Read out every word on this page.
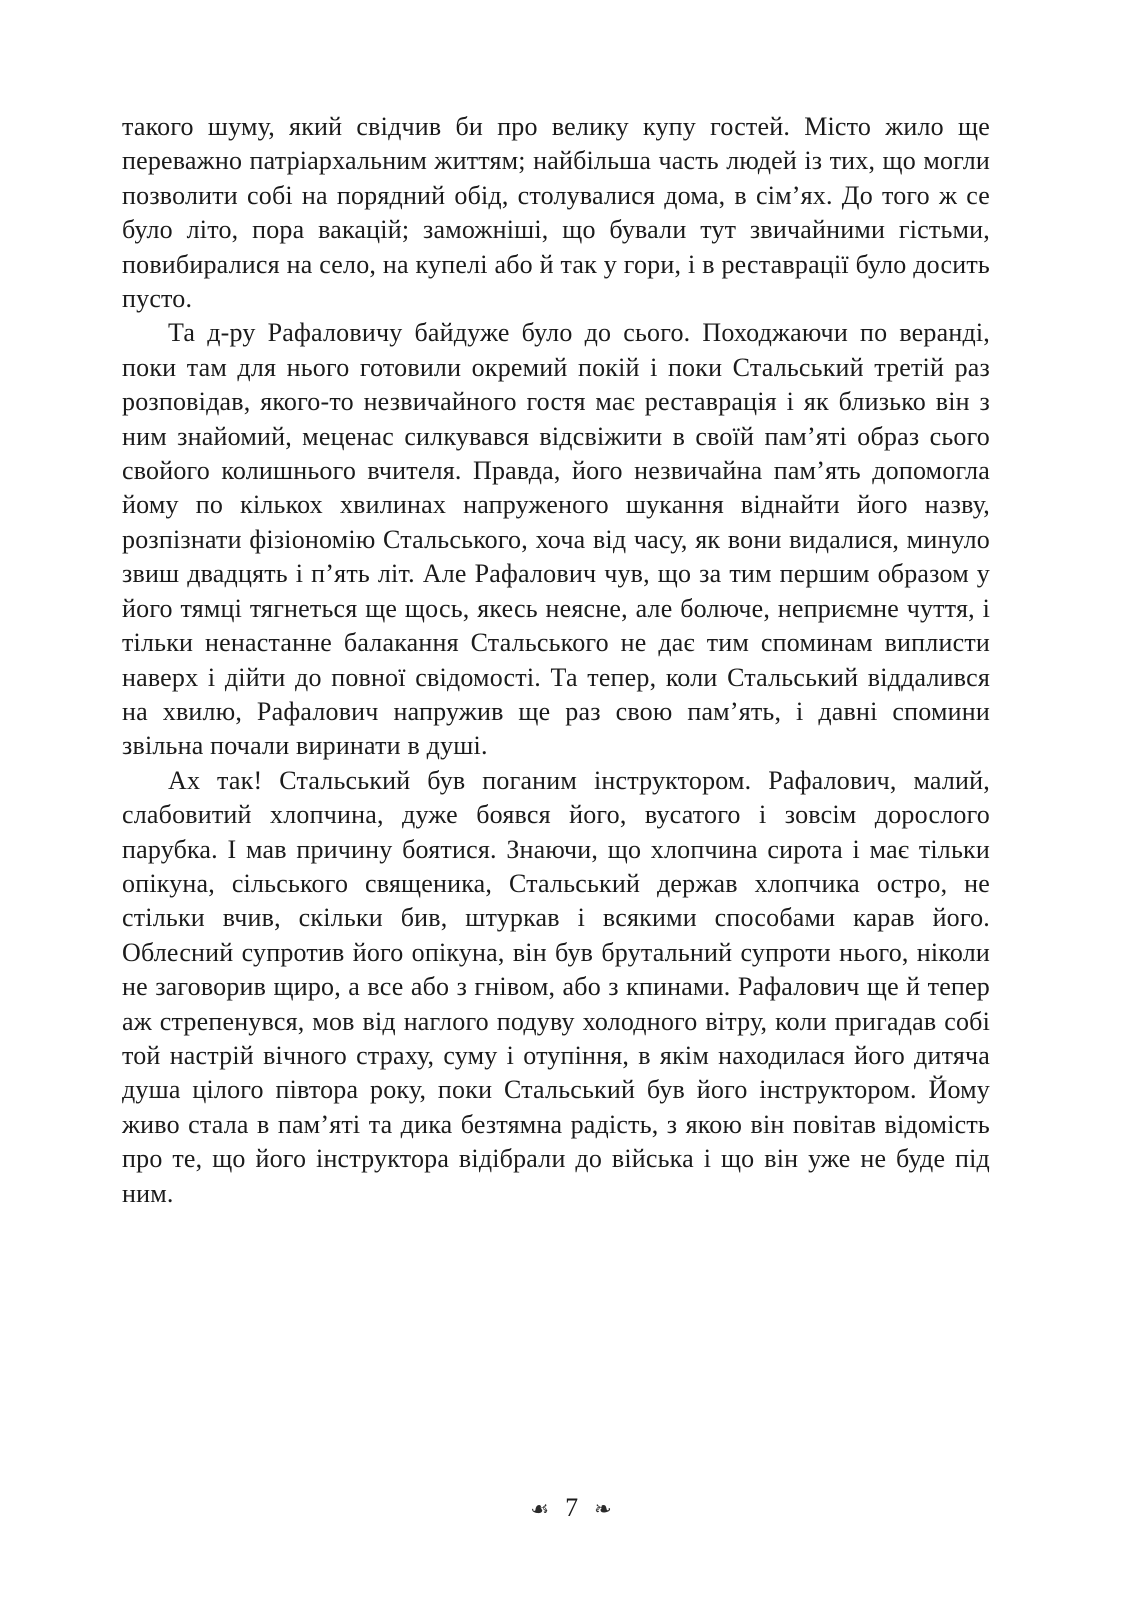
такого шуму, який свідчив би про велику купу гостей. Місто жило ще переважно патріархальним життям; найбільша часть людей із тих, що могли позволити собі на порядний обід, столувалися дома, в сім’ях. До того ж се було літо, пора вакацій; заможніші, що бували тут звичайними гістьми, повибиралися на село, на купелі або й так у гори, і в реставрації було досить пусто.

Та д-ру Рафаловичу байдуже було до сього. Походжаючи по веранді, поки там для нього готовили окремий покій і поки Стальський третій раз розповідав, якого-то незвичайного гостя має реставрація і як близько він з ним знайомий, меценас силкувався відсвіжити в своїй пам’яті образ сього свойого колишнього вчителя. Правда, його незвичайна пам’ять допомогла йому по кількох хвилинах напруженого шукання віднайти його назву, розпізнати фізіономію Стальського, хоча від часу, як вони видалися, минуло звиш двадцять і п’ять літ. Але Рафалович чув, що за тим першим образом у його тямці тягнеться ще щось, якесь неясне, але болюче, неприємне чуття, і тільки ненастанне балакання Стальського не дає тим споминам виплисти наверх і дійти до повної свідомості. Та тепер, коли Стальський віддалився на хвилю, Рафалович напружив ще раз свою пам’ять, і давні спомини звільна почали виринати в душі.

Ах так! Стальський був поганим інструктором. Рафалович, малий, слабовитий хлопчина, дуже боявся його, вусатого і зовсім дорослого парубка. І мав причину боятися. Знаючи, що хлопчина сирота і має тільки опікуна, сільського священика, Стальський держав хлопчика остро, не стільки вчив, скільки бив, штуркав і всякими способами карав його. Облесний супротив його опікуна, він був брутальний супроти нього, ніколи не заговорив щиро, а все або з гнівом, або з кпинами. Рафалович ще й тепер аж стрепенувся, мов від наглого подуву холодного вітру, коли пригадав собі той настрій вічного страху, суму і отупіння, в якім находилася його дитяча душа цілого півтора року, поки Стальський був його інструктором. Йому живо стала в пам’яті та дика безтямна радість, з якою він повітав відомість про те, що його інструктора відібрали до війська і що він уже не буде під ним.

☙ 7 ❧
